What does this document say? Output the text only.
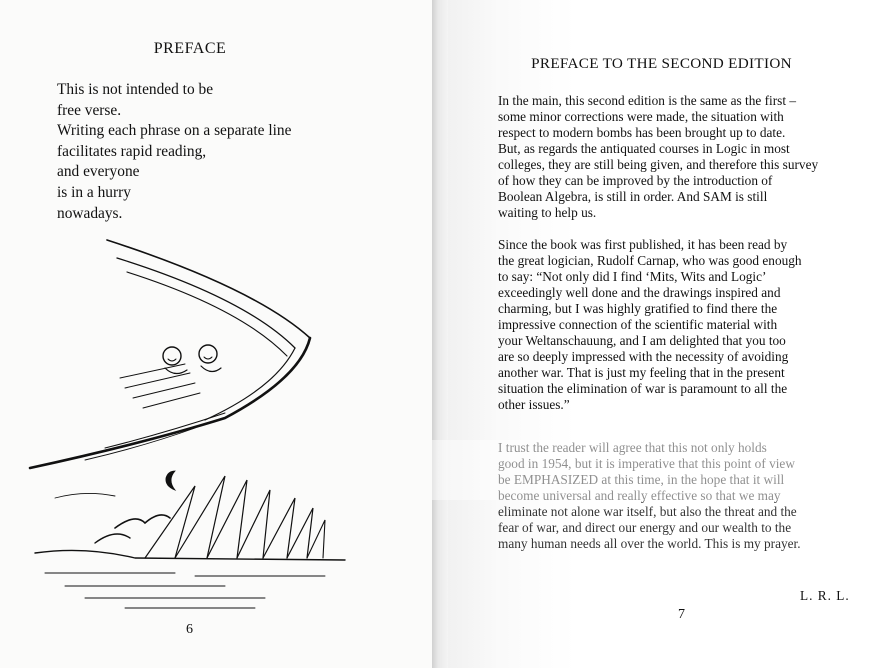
PREFACE
This is not intended to be
free verse.
Writing each phrase on a separate line
facilitates rapid reading,
and everyone
is in a hurry
nowadays.
6
PREFACE TO THE SECOND EDITION
In the main, this second edition is the same as the first –
some minor corrections were made, the situation with
respect to modern bombs has been brought up to date.
But, as regards the antiquated courses in Logic in most
colleges, they are still being given, and therefore this survey
of how they can be improved by the introduction of
Boolean Algebra, is still in order. And SAM is still
waiting to help us.
Since the book was first published, it has been read by
the great logician, Rudolf Carnap, who was good enough
to say: “Not only did I find ‘Mits, Wits and Logic’
exceedingly well done and the drawings inspired and
charming, but I was highly gratified to find there the
impressive connection of the scientific material with
your Weltanschauung, and I am delighted that you too
are so deeply impressed with the necessity of avoiding
another war. That is just my feeling that in the present
situation the elimination of war is paramount to all the
other issues.”
I trust the reader will agree that this not only holds
good in 1954, but it is imperative that this point of view
be EMPHASIZED at this time, in the hope that it will
become universal and really effective so that we may
eliminate not alone war itself, but also the threat and the
fear of war, and direct our energy and our wealth to the
many human needs all over the world. This is my prayer.
L. R. L.
7
